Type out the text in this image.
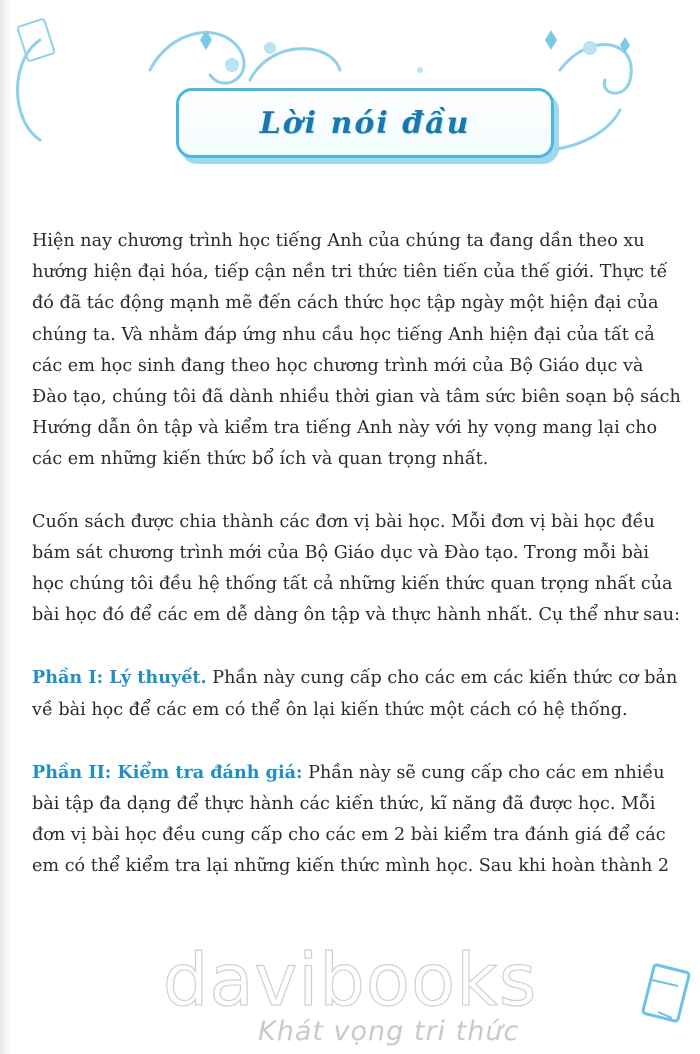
Lời nói đầu
Hiện nay chương trình học tiếng Anh của chúng ta đang dần theo xu
hướng hiện đại hóa, tiếp cận nền tri thức tiên tiến của thế giới. Thực tế
đó đã tác động mạnh mẽ đến cách thức học tập ngày một hiện đại của
chúng ta. Và nhằm đáp ứng nhu cầu học tiếng Anh hiện đại của tất cả
các em học sinh đang theo học chương trình mới của Bộ Giáo dục và
Đào tạo, chúng tôi đã dành nhiều thời gian và tâm sức biên soạn bộ sách
Hướng dẫn ôn tập và kiểm tra tiếng Anh này với hy vọng mang lại cho
các em những kiến thức bổ ích và quan trọng nhất.
Cuốn sách được chia thành các đơn vị bài học. Mỗi đơn vị bài học đều
bám sát chương trình mới của Bộ Giáo dục và Đào tạo. Trong mỗi bài
học chúng tôi đều hệ thống tất cả những kiến thức quan trọng nhất của
bài học đó để các em dễ dàng ôn tập và thực hành nhất. Cụ thể như sau:
Phần I: Lý thuyết. Phần này cung cấp cho các em các kiến thức cơ bản
về bài học để các em có thể ôn lại kiến thức một cách có hệ thống.
Phần II: Kiểm tra đánh giá: Phần này sẽ cung cấp cho các em nhiều
bài tập đa dạng để thực hành các kiến thức, kĩ năng đã được học. Mỗi
đơn vị bài học đều cung cấp cho các em 2 bài kiểm tra đánh giá để các
em có thể kiểm tra lại những kiến thức mình học. Sau khi hoàn thành 2
davibooks
Khát vọng tri thức
